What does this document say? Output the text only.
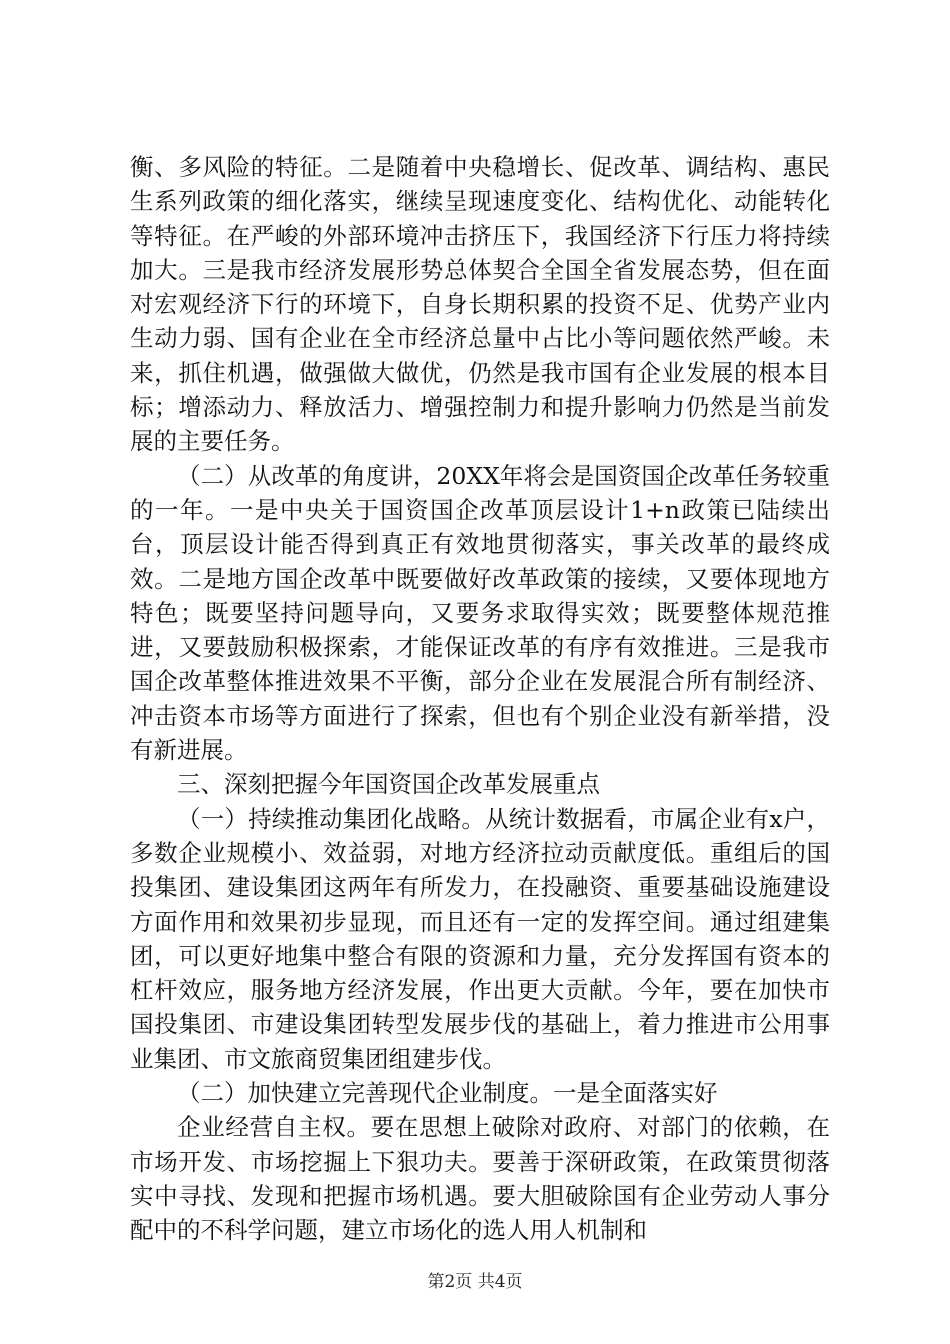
衡、多风险的特征。二是随着中央稳增长、促改革、调结构、惠民生系列政策的细化落实，继续呈现速度变化、结构优化、动能转化等特征。在严峻的外部环境冲击挤压下，我国经济下行压力将持续加大。三是我市经济发展形势总体契合全国全省发展态势，但在面对宏观经济下行的环境下，自身长期积累的投资不足、优势产业内生动力弱、国有企业在全市经济总量中占比小等问题依然严峻。未来，抓住机遇，做强做大做优，仍然是我市国有企业发展的根本目标；增添动力、释放活力、增强控制力和提升影响力仍然是当前发展的主要任务。

（二）从改革的角度讲，20XX年将会是国资国企改革任务较重的一年。一是中央关于国资国企改革顶层设计1+n政策已陆续出台，顶层设计能否得到真正有效地贯彻落实，事关改革的最终成效。二是地方国企改革中既要做好改革政策的接续，又要体现地方特色；既要坚持问题导向，又要务求取得实效；既要整体规范推进，又要鼓励积极探索，才能保证改革的有序有效推进。三是我市国企改革整体推进效果不平衡，部分企业在发展混合所有制经济、冲击资本市场等方面进行了探索，但也有个别企业没有新举措，没有新进展。

三、深刻把握今年国资国企改革发展重点

（一）持续推动集团化战略。从统计数据看，市属企业有x户，多数企业规模小、效益弱，对地方经济拉动贡献度低。重组后的国投集团、建设集团这两年有所发力，在投融资、重要基础设施建设方面作用和效果初步显现，而且还有一定的发挥空间。通过组建集团，可以更好地集中整合有限的资源和力量，充分发挥国有资本的杠杆效应，服务地方经济发展，作出更大贡献。今年，要在加快市国投集团、市建设集团转型发展步伐的基础上，着力推进市公用事业集团、市文旅商贸集团组建步伐。

（二）加快建立完善现代企业制度。一是全面落实好

企业经营自主权。要在思想上破除对政府、对部门的依赖，在市场开发、市场挖掘上下狠功夫。要善于深研政策，在政策贯彻落实中寻找、发现和把握市场机遇。要大胆破除国有企业劳动人事分配中的不科学问题，建立市场化的选人用人机制和

第2页 共4页
